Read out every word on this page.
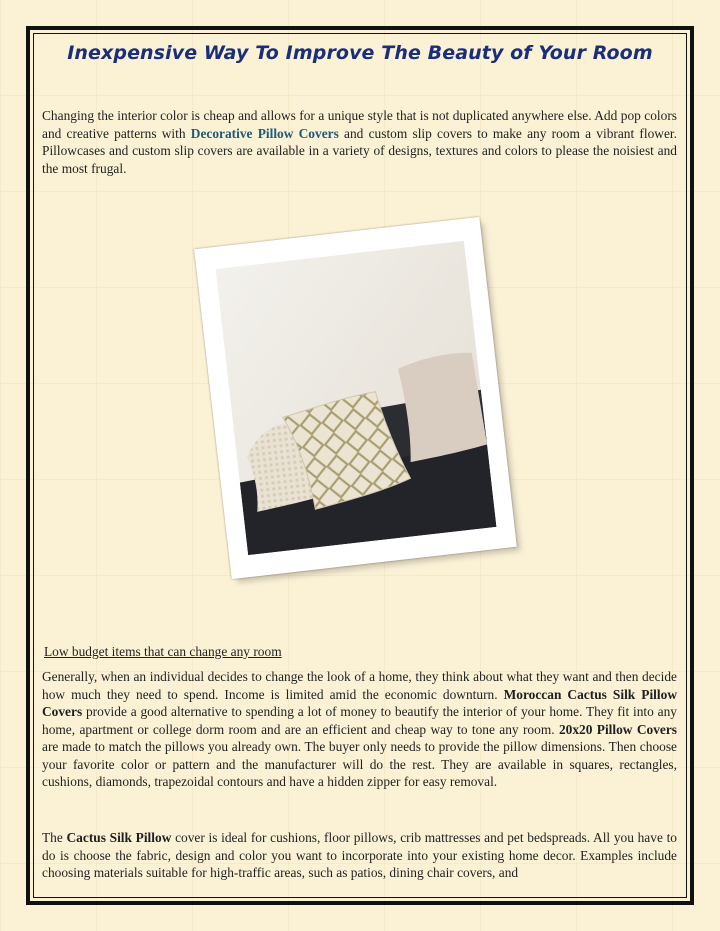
Inexpensive Way To Improve The Beauty of Your Room
Changing the interior color is cheap and allows for a unique style that is not duplicated anywhere else. Add pop colors and creative patterns with Decorative Pillow Covers and custom slip covers to make any room a vibrant flower. Pillowcases and custom slip covers are available in a variety of designs, textures and colors to please the noisiest and the most frugal.
Low budget items that can change any room
Generally, when an individual decides to change the look of a home, they think about what they want and then decide how much they need to spend. Income is limited amid the economic downturn. Moroccan Cactus Silk Pillow Covers provide a good alternative to spending a lot of money to beautify the interior of your home. They fit into any home, apartment or college dorm room and are an efficient and cheap way to tone any room. 20x20 Pillow Covers are made to match the pillows you already own. The buyer only needs to provide the pillow dimensions. Then choose your favorite color or pattern and the manufacturer will do the rest. They are available in squares, rectangles, cushions, diamonds, trapezoidal contours and have a hidden zipper for easy removal.
The Cactus Silk Pillow cover is ideal for cushions, floor pillows, crib mattresses and pet bedspreads. All you have to do is choose the fabric, design and color you want to incorporate into your existing home decor. Examples include choosing materials suitable for high-traffic areas, such as patios, dining chair covers, and
